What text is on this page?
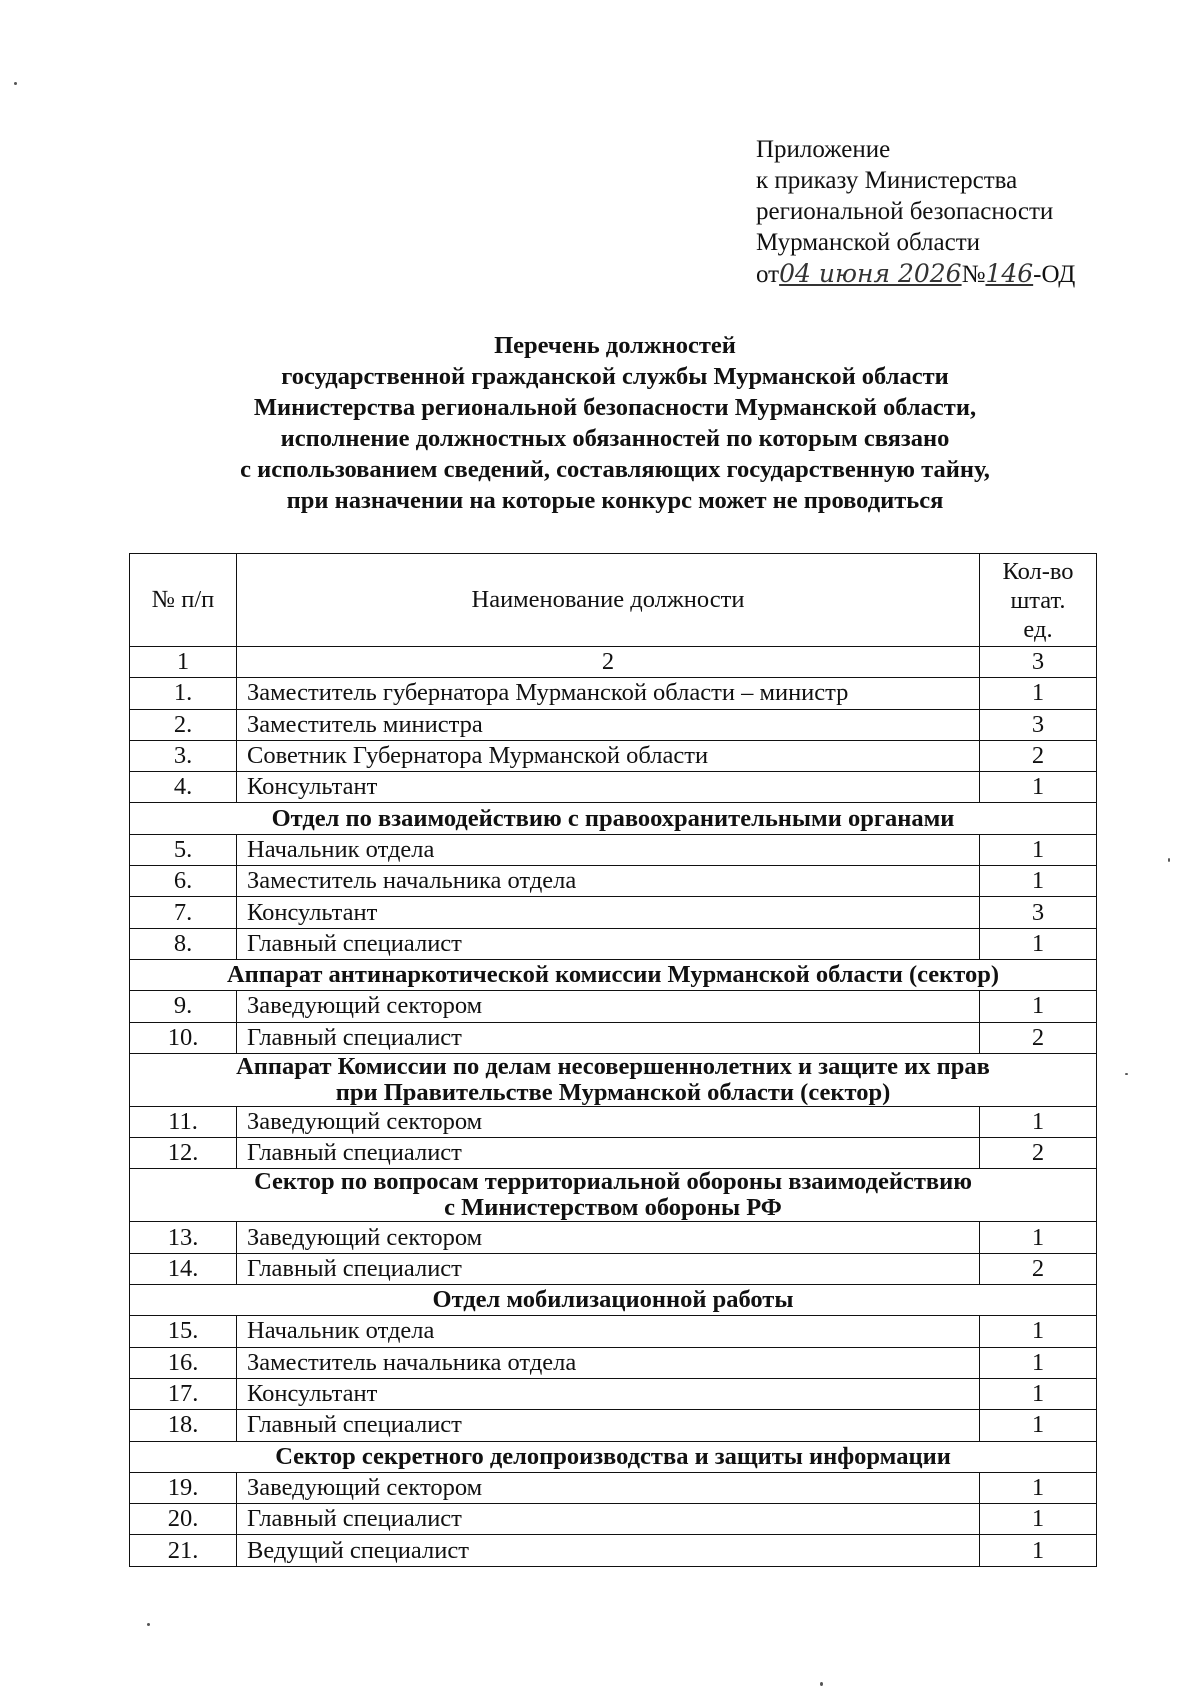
Приложение
к приказу Министерства
региональной безопасности
Мурманской области
от04 июня 2026№146-ОД
Перечень должностей
государственной гражданской службы Мурманской области
Министерства региональной безопасности Мурманской области,
исполнение должностных обязанностей по которым связано
с использованием сведений, составляющих государственную тайну,
при назначении на которые конкурс может не проводиться
№ п/п	Наименование должности	Кол-во
штат.
ед.

1	2	3
1.	Заместитель губернатора Мурманской области – министр	1
2.	Заместитель министра	3
3.	Советник Губернатора Мурманской области	2
4.	Консультант	1

Отдел по взаимодействию с правоохранительными органами		

5.	Начальник отдела	1
6.	Заместитель начальника отдела	1
7.	Консультант	3
8.	Главный специалист	1

Аппарат антинаркотической комиссии Мурманской области (сектор)		

9.	Заведующий сектором	1
10.	Главный специалист	2

Аппарат Комиссии по делам несовершеннолетних и защите их прав
при Правительстве Мурманской области (сектор)		

11.	Заведующий сектором	1
12.	Главный специалист	2

Сектор по вопросам территориальной обороны взаимодействию
с Министерством обороны РФ		

13.	Заведующий сектором	1
14.	Главный специалист	2

Отдел мобилизационной работы		

15.	Начальник отдела	1
16.	Заместитель начальника отдела	1
17.	Консультант	1
18.	Главный специалист	1

Сектор секретного делопроизводства и защиты информации		

19.	Заведующий сектором	1
20.	Главный специалист	1
21.	Ведущий специалист	1
